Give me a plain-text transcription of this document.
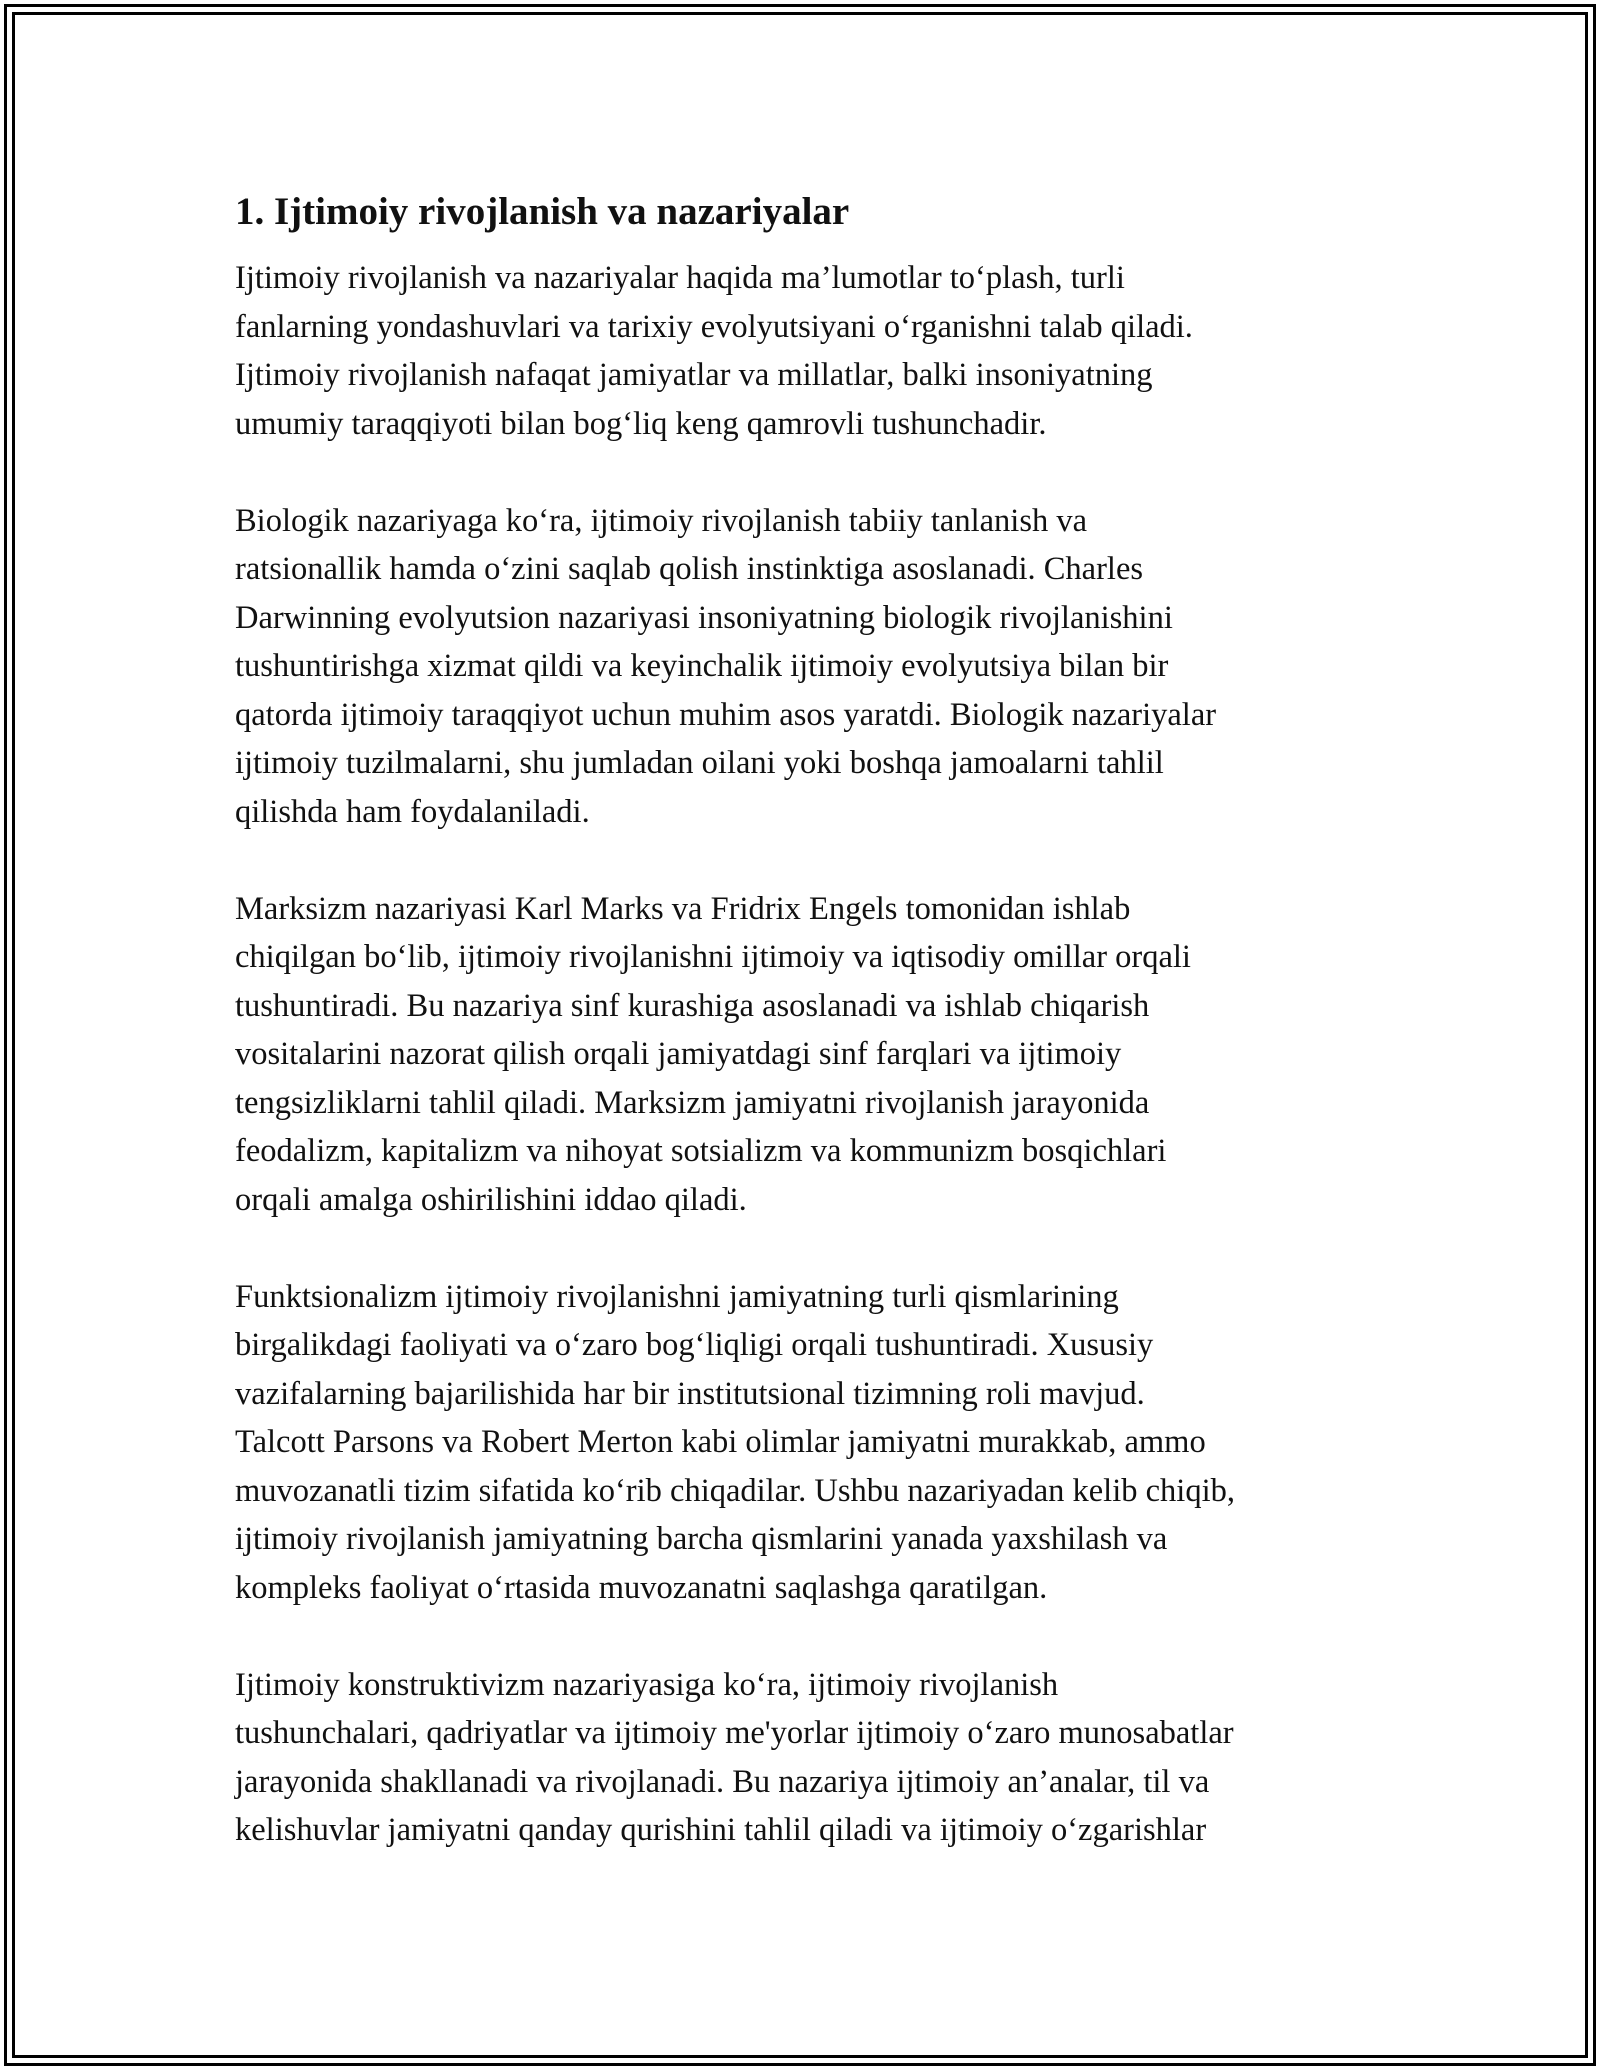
1. Ijtimoiy rivojlanish va nazariyalar

Ijtimoiy rivojlanish va nazariyalar haqida ma’lumotlar to‘plash, turli
fanlarning yondashuvlari va tarixiy evolyutsiyani o‘rganishni talab qiladi.
Ijtimoiy rivojlanish nafaqat jamiyatlar va millatlar, balki insoniyatning
umumiy taraqqiyoti bilan bog‘liq keng qamrovli tushunchadir.

Biologik nazariyaga ko‘ra, ijtimoiy rivojlanish tabiiy tanlanish va
ratsionallik hamda o‘zini saqlab qolish instinktiga asoslanadi. Charles
Darwinning evolyutsion nazariyasi insoniyatning biologik rivojlanishini
tushuntirishga xizmat qildi va keyinchalik ijtimoiy evolyutsiya bilan bir
qatorda ijtimoiy taraqqiyot uchun muhim asos yaratdi. Biologik nazariyalar
ijtimoiy tuzilmalarni, shu jumladan oilani yoki boshqa jamoalarni tahlil
qilishda ham foydalaniladi.

Marksizm nazariyasi Karl Marks va Fridrix Engels tomonidan ishlab
chiqilgan bo‘lib, ijtimoiy rivojlanishni ijtimoiy va iqtisodiy omillar orqali
tushuntiradi. Bu nazariya sinf kurashiga asoslanadi va ishlab chiqarish
vositalarini nazorat qilish orqali jamiyatdagi sinf farqlari va ijtimoiy
tengsizliklarni tahlil qiladi. Marksizm jamiyatni rivojlanish jarayonida
feodalizm, kapitalizm va nihoyat sotsializm va kommunizm bosqichlari
orqali amalga oshirilishini iddao qiladi.

Funktsionalizm ijtimoiy rivojlanishni jamiyatning turli qismlarining
birgalikdagi faoliyati va o‘zaro bog‘liqligi orqali tushuntiradi. Xususiy
vazifalarning bajarilishida har bir institutsional tizimning roli mavjud.
Talcott Parsons va Robert Merton kabi olimlar jamiyatni murakkab, ammo
muvozanatli tizim sifatida ko‘rib chiqadilar. Ushbu nazariyadan kelib chiqib,
ijtimoiy rivojlanish jamiyatning barcha qismlarini yanada yaxshilash va
kompleks faoliyat o‘rtasida muvozanatni saqlashga qaratilgan.

Ijtimoiy konstruktivizm nazariyasiga ko‘ra, ijtimoiy rivojlanish
tushunchalari, qadriyatlar va ijtimoiy me'yorlar ijtimoiy o‘zaro munosabatlar
jarayonida shakllanadi va rivojlanadi. Bu nazariya ijtimoiy an’analar, til va
kelishuvlar jamiyatni qanday qurishini tahlil qiladi va ijtimoiy o‘zgarishlar
